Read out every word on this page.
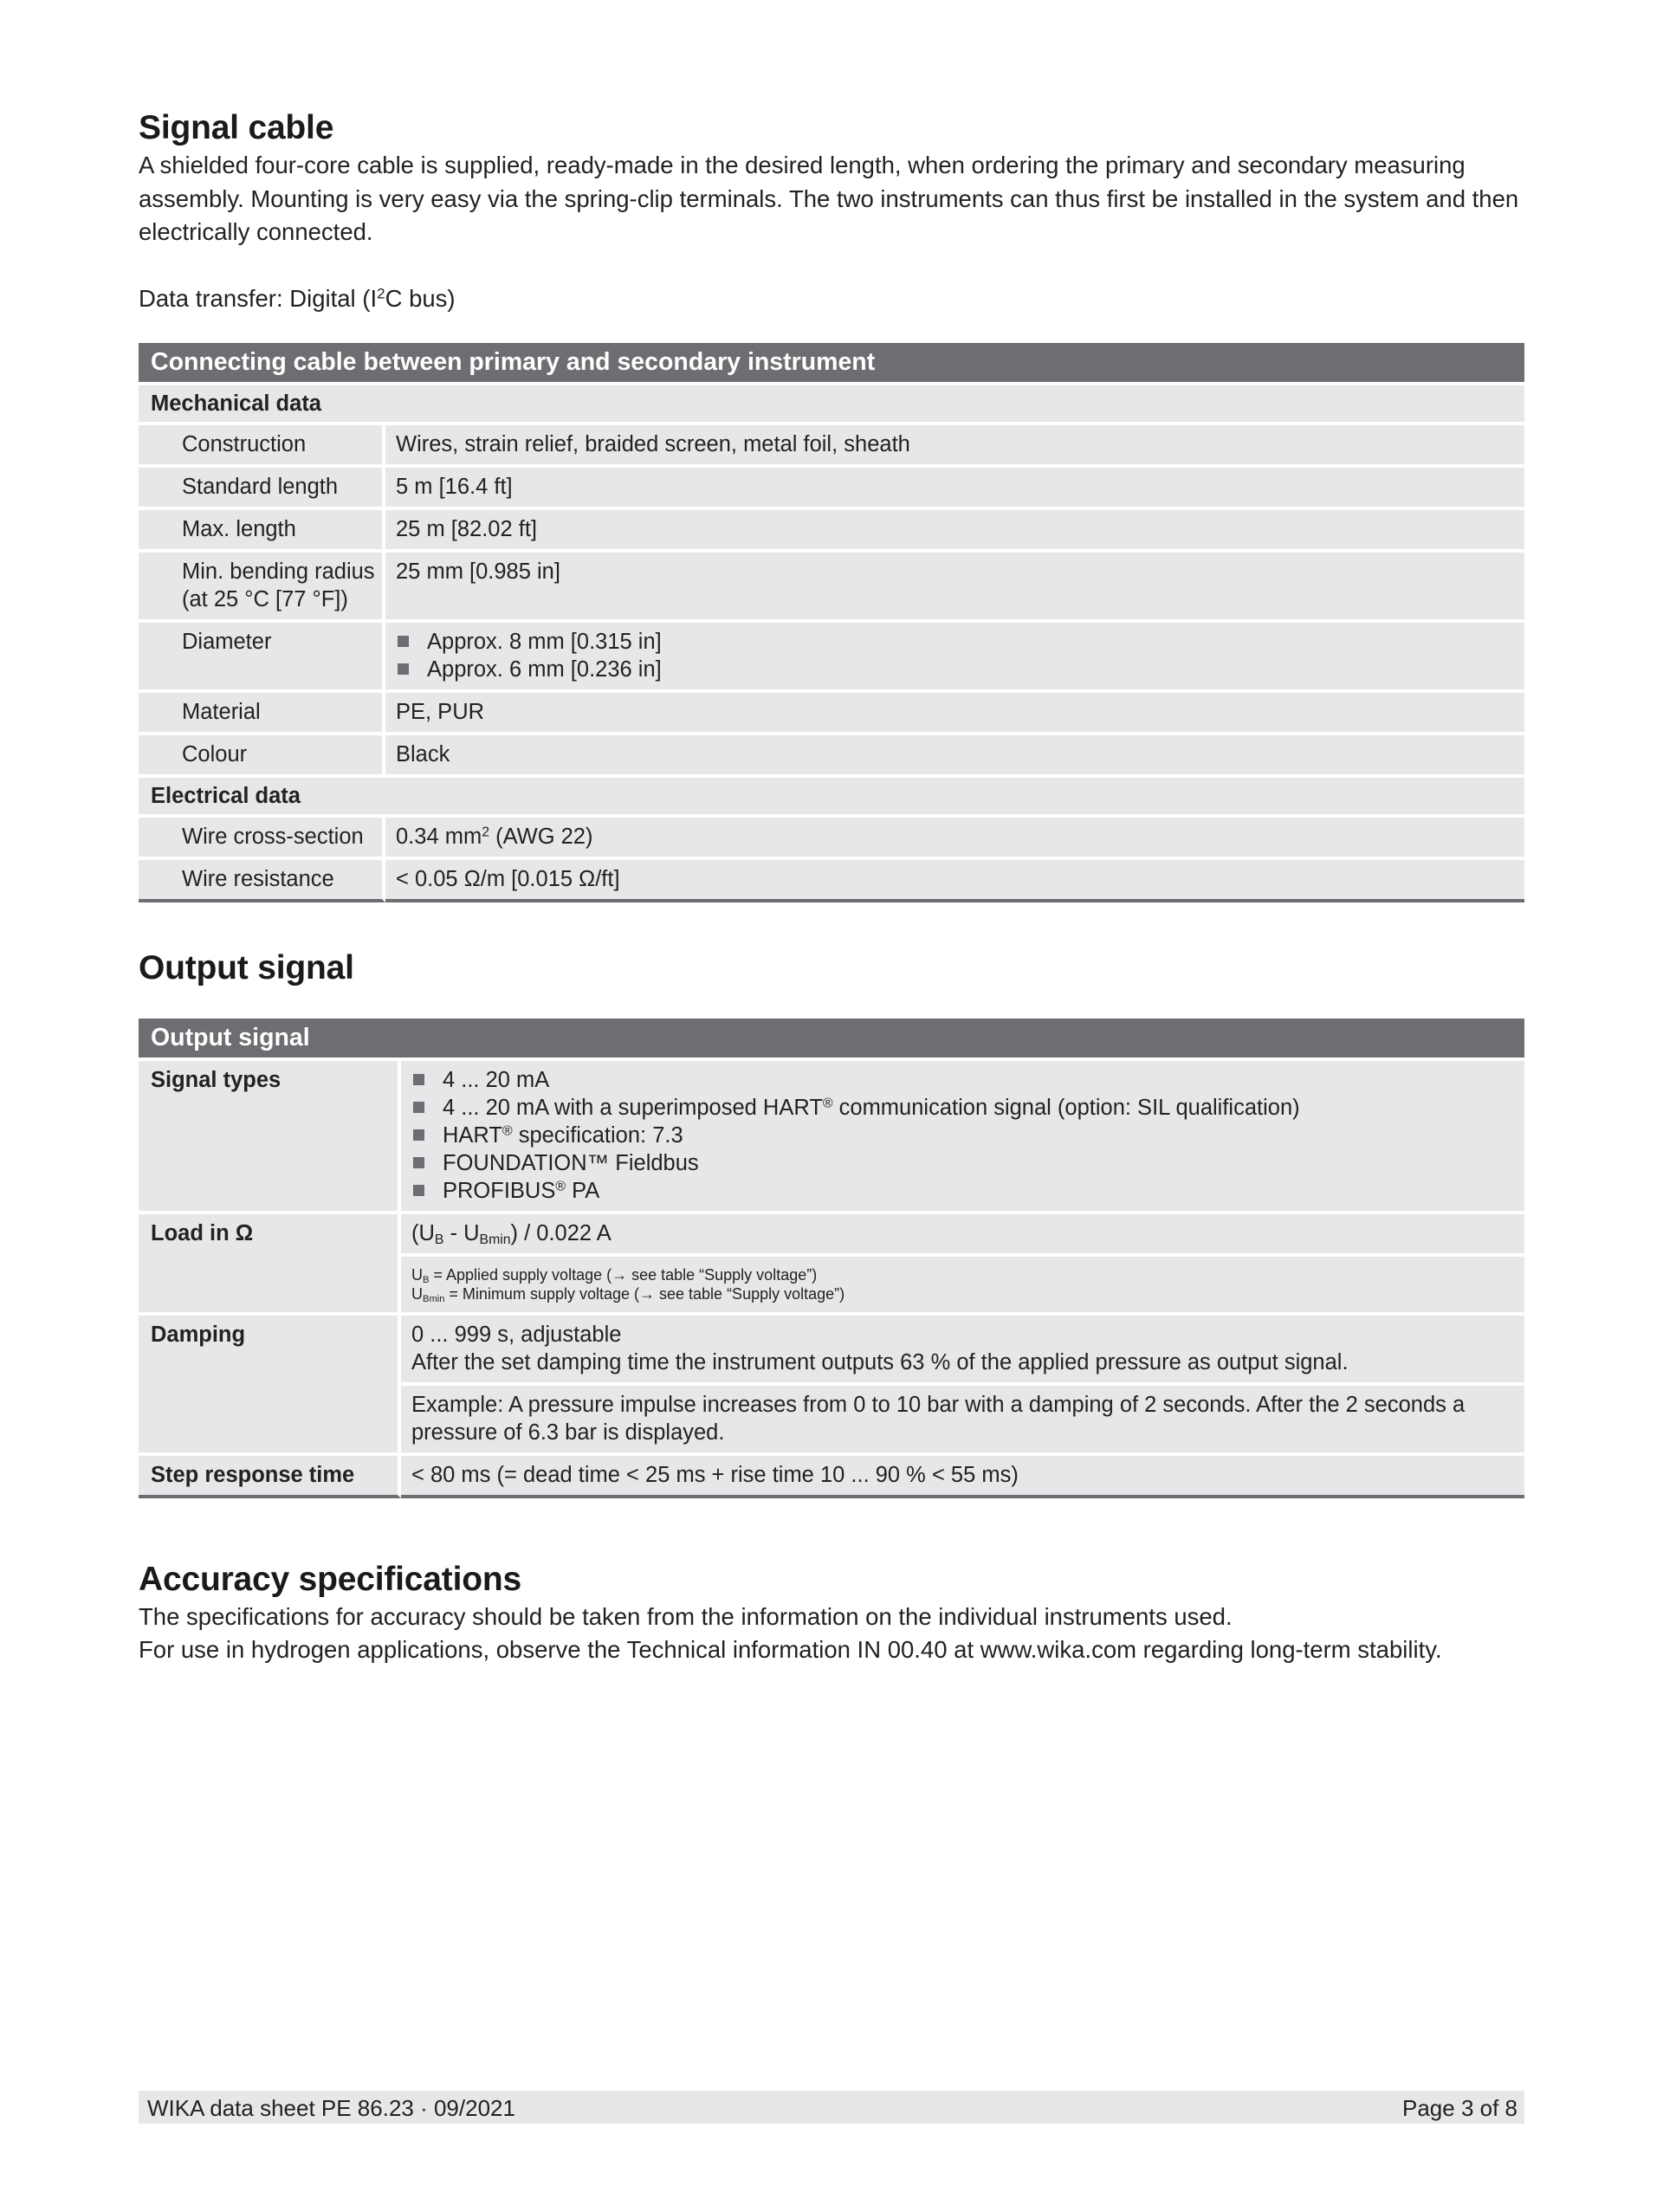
Signal cable

A shielded four-core cable is supplied, ready-made in the desired length, when ordering the primary and secondary measuring assembly. Mounting is very easy via the spring-clip terminals. The two instruments can thus first be installed in the system and then electrically connected.

Data transfer: Digital ($I^2C$ bus)

Connecting cable between primary and secondary instrument	
Mechanical data	
Construction	Wires, strain relief, braided screen, metal foil, sheath
Standard length	5 m [16.4 ft]
Max. length	25 m [82.02 ft]
Min. bending radius
(at 25 °C [77 °F])	25 mm [0.985 in]
Diameter	Approx. 8 mm [0.315 in]
Approx. 6 mm [0.236 in]

Material	PE, PUR
Colour	Black
Electrical data	
Wire cross-section	0.34 $mm^2$ (AWG 22)
Wire resistance	< 0.05 Ω/m [0.015 Ω/ft]
Output signal
Output signal	
Signal types	4 ... 20 mA
4 ... 20 mA with a superimposed HART® communication signal (option: SIL qualification)
HART® specification: 7.3
FOUNDATION™ Fieldbus
PROFIBUS® PA

Load in Ω	$(U_B - U_{Bmin}) / 0.022$ A
	$U_B$ = Applied supply voltage (→ see table “Supply voltage”)
$U_{Bmin}$ = Minimum supply voltage (→ see table “Supply voltage”)
Damping	0 ... 999 s, adjustable
After the set damping time the instrument outputs 63 % of the applied pressure as output signal.
	Example: A pressure impulse increases from 0 to 10 bar with a damping of 2 seconds. After the 2 seconds a pressure of 6.3 bar is displayed.
Step response time	< 80 ms (= dead time < 25 ms + rise time 10 ... 90 % < 55 ms)
Accuracy specifications

The specifications for accuracy should be taken from the information on the individual instruments used.

For use in hydrogen applications, observe the Technical information IN 00.40 at www.wika.com regarding long-term stability.

WIKA data sheet PE 86.23 · 09/2021	Page 3 of 8
